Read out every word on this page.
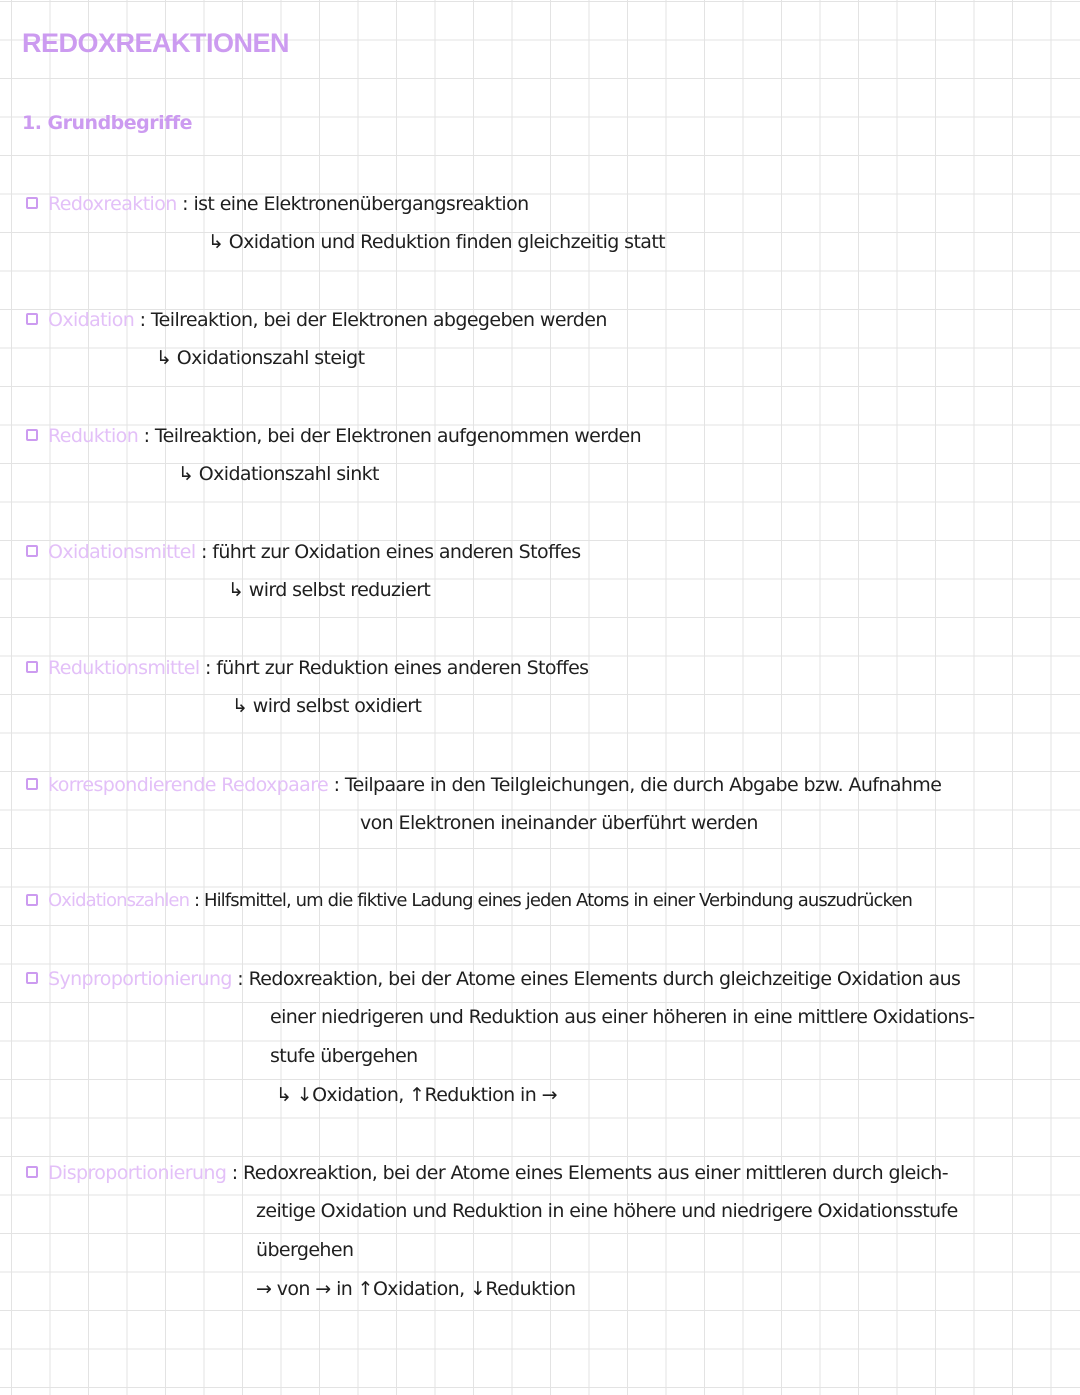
REDOXREAKTIONEN
1. Grundbegriffe
Redoxreaktion : ist eine Elektronenübergangsreaktion
↳ Oxidation und Reduktion finden gleichzeitig statt
Oxidation : Teilreaktion, bei der Elektronen abgegeben werden
↳ Oxidationszahl steigt
Reduktion : Teilreaktion, bei der Elektronen aufgenommen werden
↳ Oxidationszahl sinkt
Oxidationsmittel : führt zur Oxidation eines anderen Stoffes
↳ wird selbst reduziert
Reduktionsmittel : führt zur Reduktion eines anderen Stoffes
↳ wird selbst oxidiert
korrespondierende Redoxpaare : Teilpaare in den Teilgleichungen, die durch Abgabe bzw. Aufnahme
von Elektronen ineinander überführt werden
Oxidationszahlen : Hilfsmittel, um die fiktive Ladung eines jeden Atoms in einer Verbindung auszudrücken
Synproportionierung : Redoxreaktion, bei der Atome eines Elements durch gleichzeitige Oxidation aus
einer niedrigeren und Reduktion aus einer höheren in eine mittlere Oxidations-
stufe übergehen
↳ ↓Oxidation, ↑Reduktion in →
Disproportionierung : Redoxreaktion, bei der Atome eines Elements aus einer mittleren durch gleich-
zeitige Oxidation und Reduktion in eine höhere und niedrigere Oxidationsstufe
übergehen
→ von → in ↑Oxidation, ↓Reduktion
